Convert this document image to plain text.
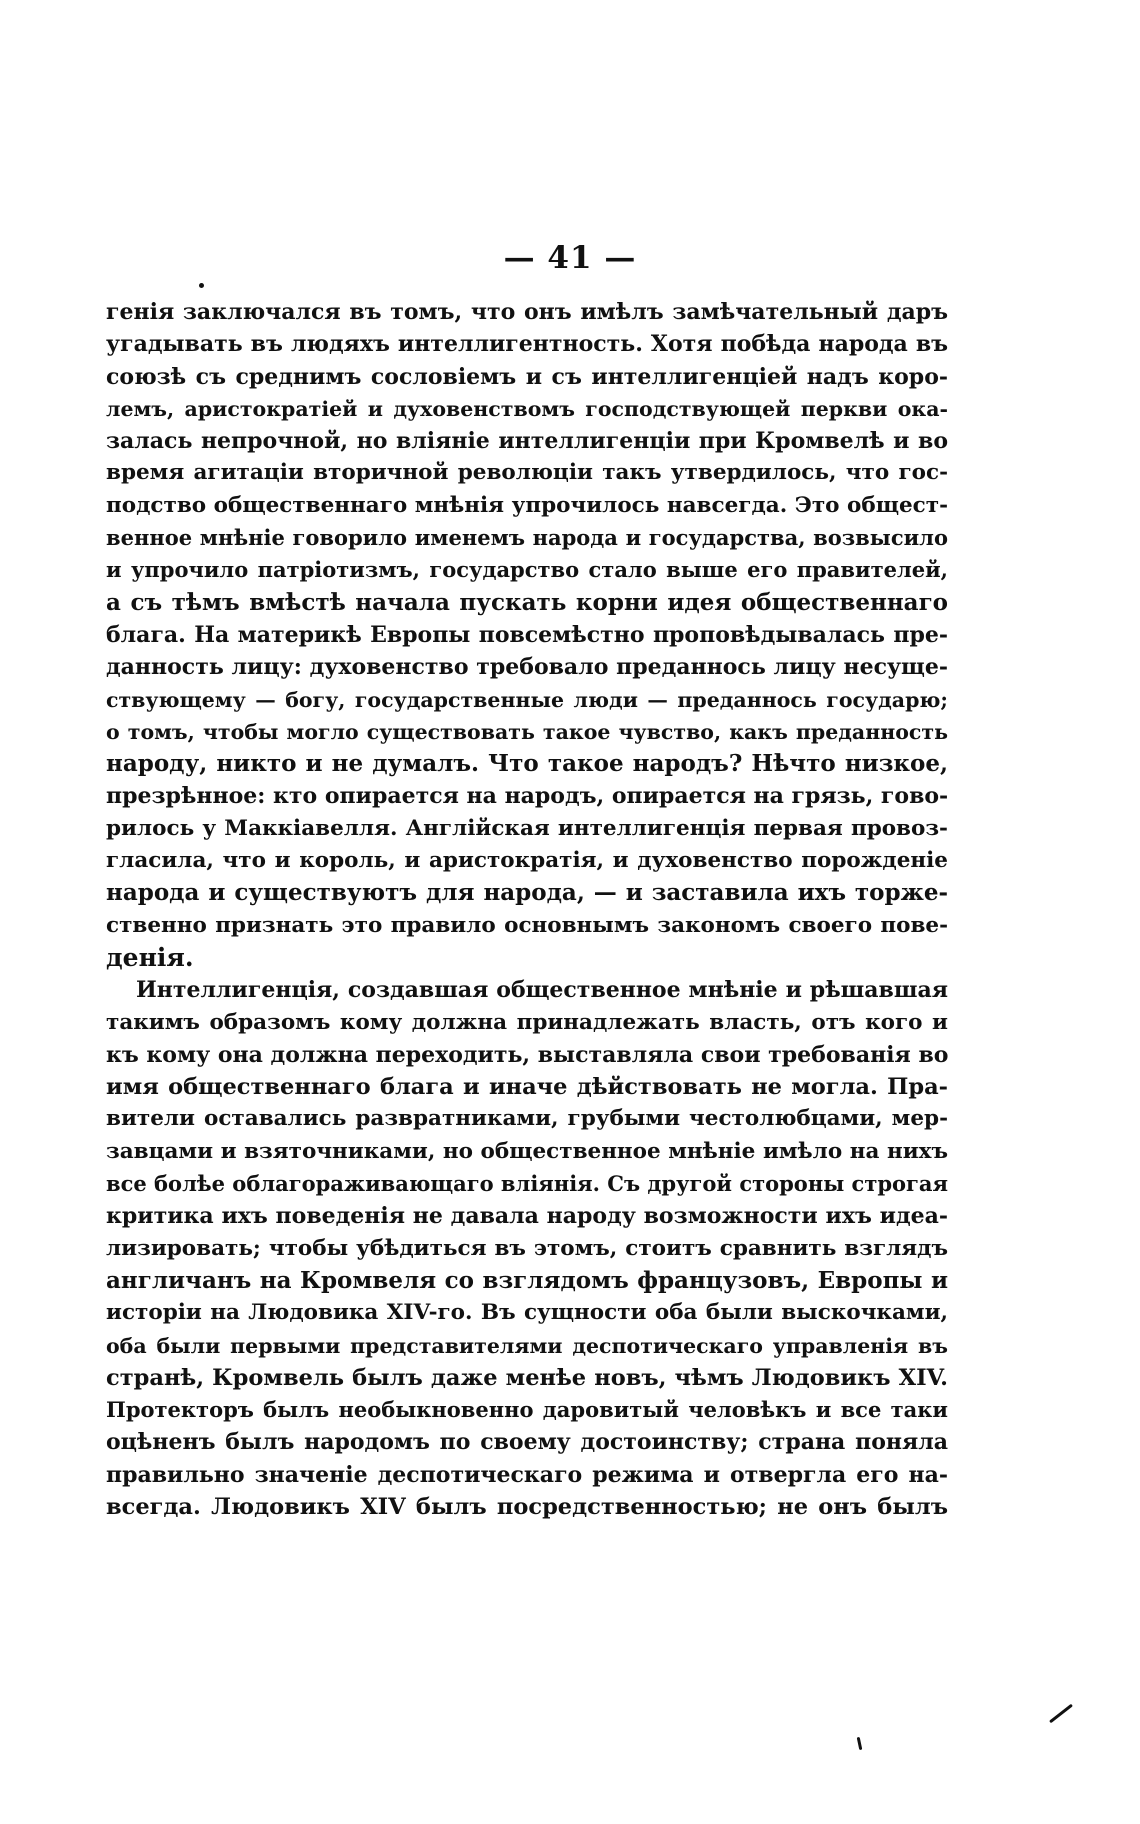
— 41 —
генія заключался въ томъ, что онъ имѣлъ замѣчательный даръ
угадывать въ людяхъ интеллигентность. Хотя побѣда народа въ
союзѣ съ среднимъ сословіемъ и съ интеллигенціей надъ коро-
лемъ, аристократіей и духовенствомъ господствующей перкви ока-
залась непрочной, но вліяніе интеллигенціи при Кромвелѣ и во
время агитаціи вторичной революціи такъ утвердилось, что гос-
подство общественнаго мнѣнія упрочилось навсегда. Это общест-
венное мнѣніе говорило именемъ народа и государства, возвысило
и упрочило патріотизмъ, государство стало выше его правителей,
а съ тѣмъ вмѣстѣ начала пускать корни идея общественнаго
блага. На материкѣ Европы повсемѣстно проповѣдывалась пре-
данность лицу: духовенство требовало преданнось лицу несуще-
ствующему — богу, государственные люди — преданнось государю;
о томъ, чтобы могло существовать такое чувство, какъ преданность
народу, никто и не думалъ. Что такое народъ? Нѣчто низкое,
презрѣнное: кто опирается на народъ, опирается на грязь, гово-
рилось у Маккіавелля. Англійская интеллигенція первая провоз-
гласила, что и король, и аристократія, и духовенство порожденіе
народа и существуютъ для народа, — и заставила ихъ торже-
ственно признать это правило основнымъ закономъ своего пове-
денія.
Интеллигенція, создавшая общественное мнѣніе и рѣшавшая
такимъ образомъ кому должна принадлежать власть, отъ кого и
къ кому она должна переходить, выставляла свои требованія во
имя общественнаго блага и иначе дѣйствовать не могла. Пра-
вители оставались развратниками, грубыми честолюбцами, мер-
завцами и взяточниками, но общественное мнѣніе имѣло на нихъ
все болѣе облагораживающаго вліянія. Съ другой стороны строгая
критика ихъ поведенія не давала народу возможности ихъ идеа-
лизировать; чтобы убѣдиться въ этомъ, стоитъ сравнить взглядъ
англичанъ на Кромвеля со взглядомъ французовъ, Европы и
исторіи на Людовика XIV-го. Въ сущности оба были выскочками,
оба были первыми представителями деспотическаго управленія въ
странѣ, Кромвель былъ даже менѣе новъ, чѣмъ Людовикъ XIV.
Протекторъ былъ необыкновенно даровитый человѣкъ и все таки
оцѣненъ былъ народомъ по своему достоинству; страна поняла
правильно значеніе деспотическаго режима и отвергла его на-
всегда. Людовикъ XIV былъ посредственностью; не онъ былъ
